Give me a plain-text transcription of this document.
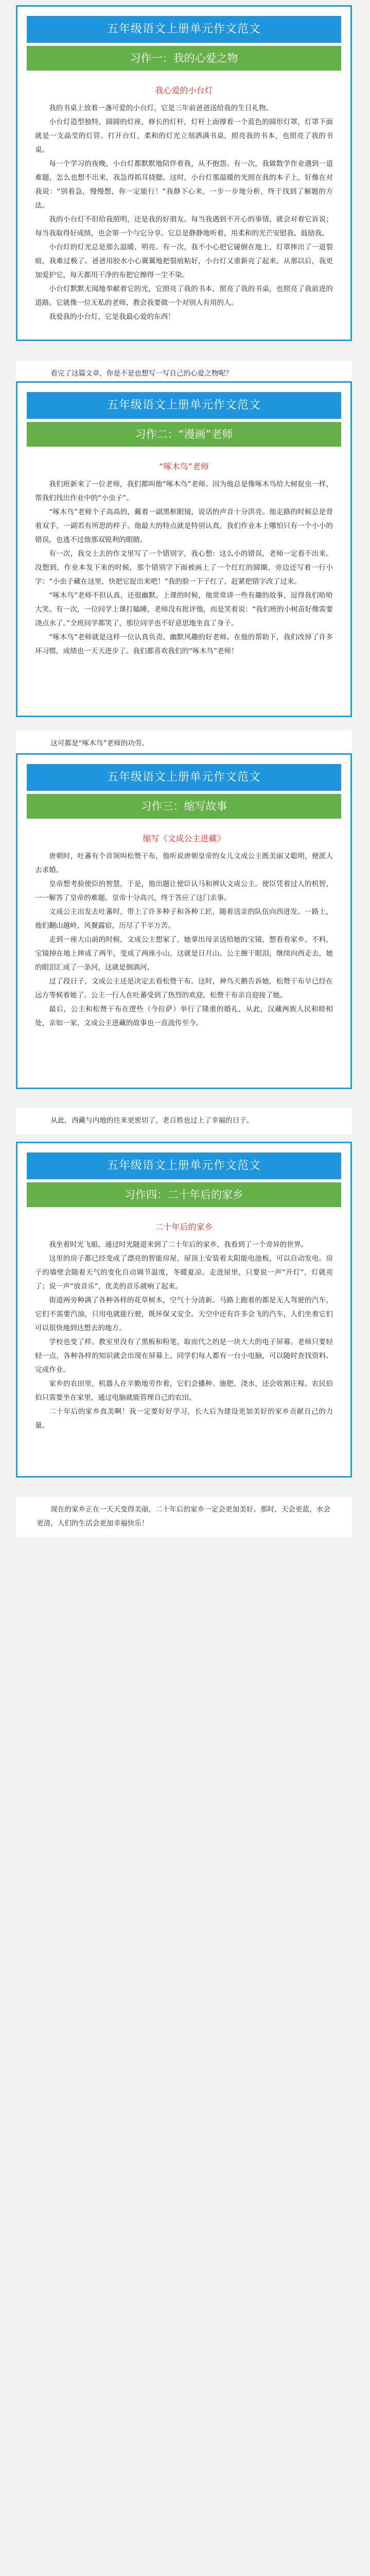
五年级语文上册单元作文范文
习作一：我的心爱之物
我心爱的小台灯

我的书桌上放着一盏可爱的小台灯，它是三年前爸爸送给我的生日礼物。

小台灯造型独特，圆圆的灯座，修长的灯杆，灯杆上面撑着一个蓝色的圆形灯罩，灯罩下面就是一支晶莹的灯管。打开台灯，柔和的灯光立刻洒满书桌，照亮我的书本，也照亮了我的书桌。

每一个学习的夜晚，小台灯都默默地陪伴着我，从不抱怨。有一次，我做数学作业遇到一道难题，怎么也想不出来，我急得抓耳挠腮。这时，小台灯那温暖的光照在我的本子上，好像在对我说：“别着急，慢慢想，你一定能行！”我静下心来，一步一步地分析，终于找到了解题的方法。

我的小台灯不但给我照明，还是我的好朋友。每当我遇到不开心的事情，就会对着它诉说；每当我取得好成绩，也会第一个与它分享。它总是静静地听着，用柔和的光芒安慰我、鼓励我。

小台灯的灯光总是那么温暖、明亮。有一次，我不小心把它碰倒在地上，灯罩摔出了一道裂痕，我难过极了。爸爸用胶水小心翼翼地把裂痕粘好，小台灯又重新亮了起来。从那以后，我更加爱护它，每天都用干净的布把它擦得一尘不染。

小台灯默默无闻地奉献着它的光，它照亮了我的书本，照亮了我的书桌，也照亮了我前进的道路。它就像一位无私的老师，教会我要做一个对别人有用的人。

我爱我的小台灯，它是我最心爱的东西！

看完了这篇文章，你是不是也想写一写自己的心爱之物呢？

五年级语文上册单元作文范文
习作二：“漫画”老师
“啄木鸟”老师

我们班新来了一位老师，我们都叫他“啄木鸟”老师。因为他总是像啄木鸟给大树捉虫一样，帮我们找出作业中的“小虫子”。

“啄木鸟”老师个子高高的，戴着一副黑框眼镜，说话的声音十分洪亮。他走路的时候总是背着双手，一副若有所思的样子。他最大的特点就是特别认真，我们作业本上哪怕只有一个小小的错误，也逃不过他那双锐利的眼睛。

有一次，我交上去的作文里写了一个错别字，我心想：这么小的错误，老师一定看不出来。没想到，作业本发下来的时候，那个错别字下面被画上了一个红红的圆圈，旁边还写着一行小字：“小虫子藏在这里，快把它捉出来吧！”我的脸一下子红了，赶紧把错字改了过来。

“啄木鸟”老师不但认真，还很幽默。上课的时候，他常常讲一些有趣的故事，逗得我们哈哈大笑。有一次，一位同学上课打瞌睡，老师没有批评他，而是笑着说：“我们班的小树苗好像需要浇点水了。”全班同学都笑了，那位同学也不好意思地坐直了身子。

“啄木鸟”老师就是这样一位认真负责、幽默风趣的好老师。在他的帮助下，我们改掉了许多坏习惯，成绩也一天天进步了。我们都喜欢我们的“啄木鸟”老师！

这可都是“啄木鸟”老师的功劳。

五年级语文上册单元作文范文
习作三：缩写故事
缩写《文成公主进藏》

唐朝时，吐蕃有个首领叫松赞干布，他听说唐朝皇帝的女儿文成公主既美丽又聪明，便派人去求婚。

皇帝想考验使臣的智慧，于是，他出题让使臣认马和辨认文成公主。使臣凭着过人的机智，一一解答了皇帝的难题。皇帝十分高兴，终于答应了这门亲事。

文成公主出发去吐蕃时，带上了许多种子和各种工匠，随着送亲的队伍向西进发。一路上，他们翻山越岭，风餐露宿，历尽了千辛万苦。

走到一座大山前的时候，文成公主想家了，她拿出母亲送给她的宝镜，想看看家乡。不料，宝镜掉在地上摔成了两半，变成了两座小山，这就是日月山。公主擦干眼泪，继续向西走去，她的眼泪汇成了一条河，这就是倒淌河。

过了段日子，文成公主还是决定去看松赞干布。这时，神鸟天鹅告诉她，松赞干布早已经在远方等候着她了。公主一行人在吐蕃受到了热烈的欢迎，松赞干布亲自迎接了她。

最后，公主和松赞干布在逻些（今拉萨）举行了隆重的婚礼，从此，汉藏两族人民和睦相处，亲如一家，文成公主进藏的故事也一直流传至今。

从此，西藏与内地的往来更密切了，老百姓也过上了幸福的日子。

五年级语文上册单元作文范文
习作四：二十年后的家乡
二十年后的家乡

我坐着时光飞船，通过时光隧道来到了二十年后的家乡，我看到了一个奇异的世界。

这里的房子都已经变成了漂亮的智能房屋，屋顶上安装着太阳能电池板，可以自动发电。房子的墙壁会随着天气的变化自动调节温度，冬暖夏凉。走进屋里，只要说一声“开灯”，灯就亮了；说一声“放音乐”，优美的音乐就响了起来。

街道两旁种满了各种各样的花草树木，空气十分清新。马路上跑着的都是无人驾驶的汽车，它们不需要汽油，只用电就能行驶，既环保又安全。天空中还有许多会飞的汽车，人们坐着它们可以很快地到达想去的地方。

学校也变了样。教室里没有了黑板和粉笔，取而代之的是一块大大的电子屏幕。老师只要轻轻一点，各种各样的知识就会出现在屏幕上。同学们每人都有一台小电脑，可以随时查找资料、完成作业。

家乡的农田里，机器人在辛勤地劳作着，它们会播种、施肥、浇水，还会收割庄稼。农民伯伯只需要坐在家里，通过电脑就能管理自己的农田。

二十年后的家乡真美啊！我一定要好好学习，长大后为建设更加美好的家乡贡献自己的力量。

现在的家乡正在一天天变得美丽，二十年后的家乡一定会更加美好。那时，天会更蓝，水会更清，人们的生活会更加幸福快乐！
